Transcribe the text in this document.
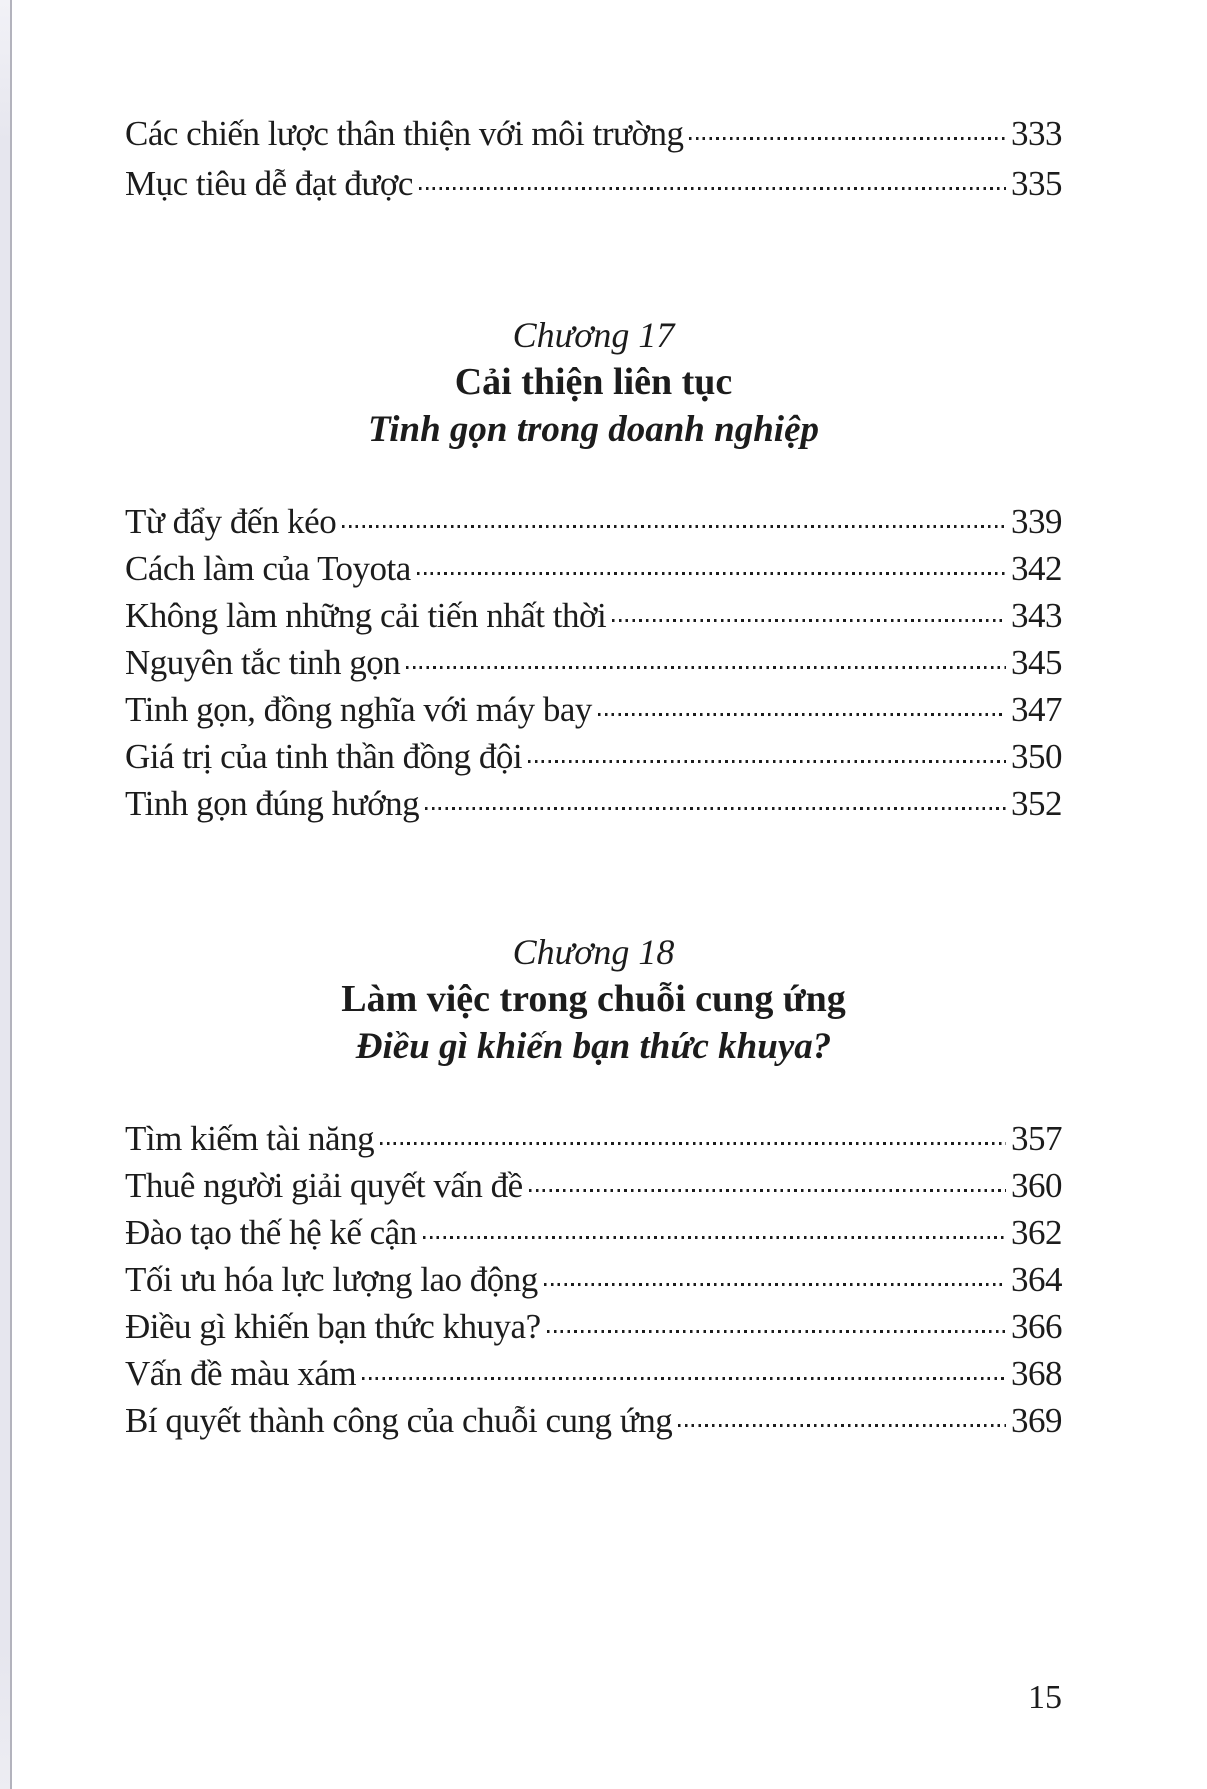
Các chiến lược thân thiện với môi trường	333
Mục tiêu dễ đạt được	335
Chương 17
Cải thiện liên tục
Tinh gọn trong doanh nghiệp
Từ đẩy đến kéo	339
Cách làm của Toyota	342
Không làm những cải tiến nhất thời	343
Nguyên tắc tinh gọn	345
Tinh gọn, đồng nghĩa với máy bay	347
Giá trị của tinh thần đồng đội	350
Tinh gọn đúng hướng	352
Chương 18
Làm việc trong chuỗi cung ứng
Điều gì khiến bạn thức khuya?
Tìm kiếm tài năng	357
Thuê người giải quyết vấn đề	360
Đào tạo thế hệ kế cận	362
Tối ưu hóa lực lượng lao động	364
Điều gì khiến bạn thức khuya?	366
Vấn đề màu xám	368
Bí quyết thành công của chuỗi cung ứng	369
15
